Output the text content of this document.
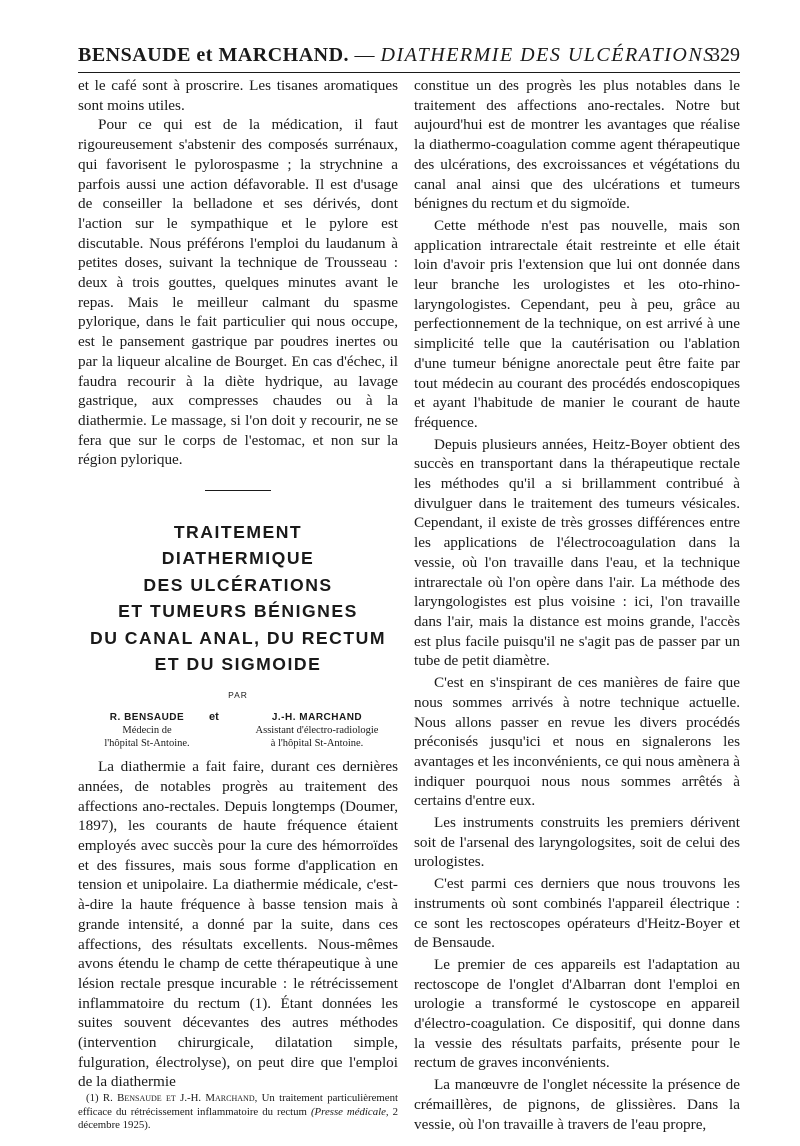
BENSAUDE et MARCHAND. — DIATHERMIE DES ULCÉRATIONS
329

et le café sont à proscrire. Les tisanes aromatiques sont moins utiles.

Pour ce qui est de la médication, il faut rigoureusement s'abstenir des composés surrénaux, qui favorisent le pylorospasme ; la strychnine a parfois aussi une action défavorable. Il est d'usage de conseiller la belladone et ses dérivés, dont l'action sur le sympathique et le pylore est discutable. Nous préférons l'emploi du laudanum à petites doses, suivant la technique de Trousseau : deux à trois gouttes, quelques minutes avant le repas. Mais le meilleur calmant du spasme pylorique, dans le fait particulier qui nous occupe, est le pansement gastrique par poudres inertes ou par la liqueur alcaline de Bourget. En cas d'échec, il faudra recourir à la diète hydrique, au lavage gastrique, aux compresses chaudes ou à la diathermie. Le massage, si l'on doit y recourir, ne se fera que sur le corps de l'estomac, et non sur la région pylorique.

TRAITEMENT
DIATHERMIQUE
DES ULCÉRATIONS
ET TUMEURS BÉNIGNES
DU CANAL ANAL, DU RECTUM
ET DU SIGMOIDE
PAR
R. BENSAUDE
Médecin de
l'hôpital St-Antoine.
et	J.-H. MARCHAND
Assistant d'électro-radiologie
à l'hôpital St-Antoine.

La diathermie a fait faire, durant ces dernières années, de notables progrès au traitement des affections ano-rectales. Depuis longtemps (Doumer, 1897), les courants de haute fréquence étaient employés avec succès pour la cure des hémorroïdes et des fissures, mais sous forme d'application en tension et unipolaire. La diathermie médicale, c'est-à-dire la haute fréquence à basse tension mais à grande intensité, a donné par la suite, dans ces affections, des résultats excellents. Nous-mêmes avons étendu le champ de cette thérapeutique à une lésion rectale presque incurable : le rétrécissement inflammatoire du rectum (1). Étant données les suites souvent décevantes des autres méthodes (intervention chirurgicale, dilatation simple, fulguration, électrolyse), on peut dire que l'emploi de la diathermie

(1) R. Bensaude et J.-H. Marchand, Un traitement particulièrement efficace du rétrécissement inflammatoire du rectum (Presse médicale, 2 décembre 1925).

constitue un des progrès les plus notables dans le traitement des affections ano-rectales. Notre but aujourd'hui est de montrer les avantages que réalise la diathermo-coagulation comme agent thérapeutique des ulcérations, des excroissances et végétations du canal anal ainsi que des ulcérations et tumeurs bénignes du rectum et du sigmoïde.

Cette méthode n'est pas nouvelle, mais son application intrarectale était restreinte et elle était loin d'avoir pris l'extension que lui ont donnée dans leur branche les urologistes et les oto-rhino-laryngologistes. Cependant, peu à peu, grâce au perfectionnement de la technique, on est arrivé à une simplicité telle que la cautérisation ou l'ablation d'une tumeur bénigne anorectale peut être faite par tout médecin au courant des procédés endoscopiques et ayant l'habitude de manier le courant de haute fréquence.

Depuis plusieurs années, Heitz-Boyer obtient des succès en transportant dans la thérapeutique rectale les méthodes qu'il a si brillamment contribué à divulguer dans le traitement des tumeurs vésicales. Cependant, il existe de très grosses différences entre les applications de l'électrocoagulation dans la vessie, où l'on travaille dans l'eau, et la technique intrarectale où l'on opère dans l'air. La méthode des laryngologistes est plus voisine : ici, l'on travaille dans l'air, mais la distance est moins grande, l'accès est plus facile puisqu'il ne s'agit pas de passer par un tube de petit diamètre.

C'est en s'inspirant de ces manières de faire que nous sommes arrivés à notre technique actuelle. Nous allons passer en revue les divers procédés préconisés jusqu'ici et nous en signalerons les avantages et les inconvénients, ce qui nous amènera à indiquer pourquoi nous nous sommes arrêtés à certains d'entre eux.

Les instruments construits les premiers dérivent soit de l'arsenal des laryngologsites, soit de celui des urologistes.

C'est parmi ces derniers que nous trouvons les instruments où sont combinés l'appareil électrique : ce sont les rectoscopes opérateurs d'Heitz-Boyer et de Bensaude.

Le premier de ces appareils est l'adaptation au rectoscope de l'onglet d'Albarran dont l'emploi en urologie a transformé le cystoscope en appareil d'électro-coagulation. Ce dispositif, qui donne dans la vessie des résultats parfaits, présente pour le rectum de graves inconvénients.

La manœuvre de l'onglet nécessite la présence de crémaillères, de pignons, de glissières. Dans la vessie, où l'on travaille à travers de l'eau propre,
